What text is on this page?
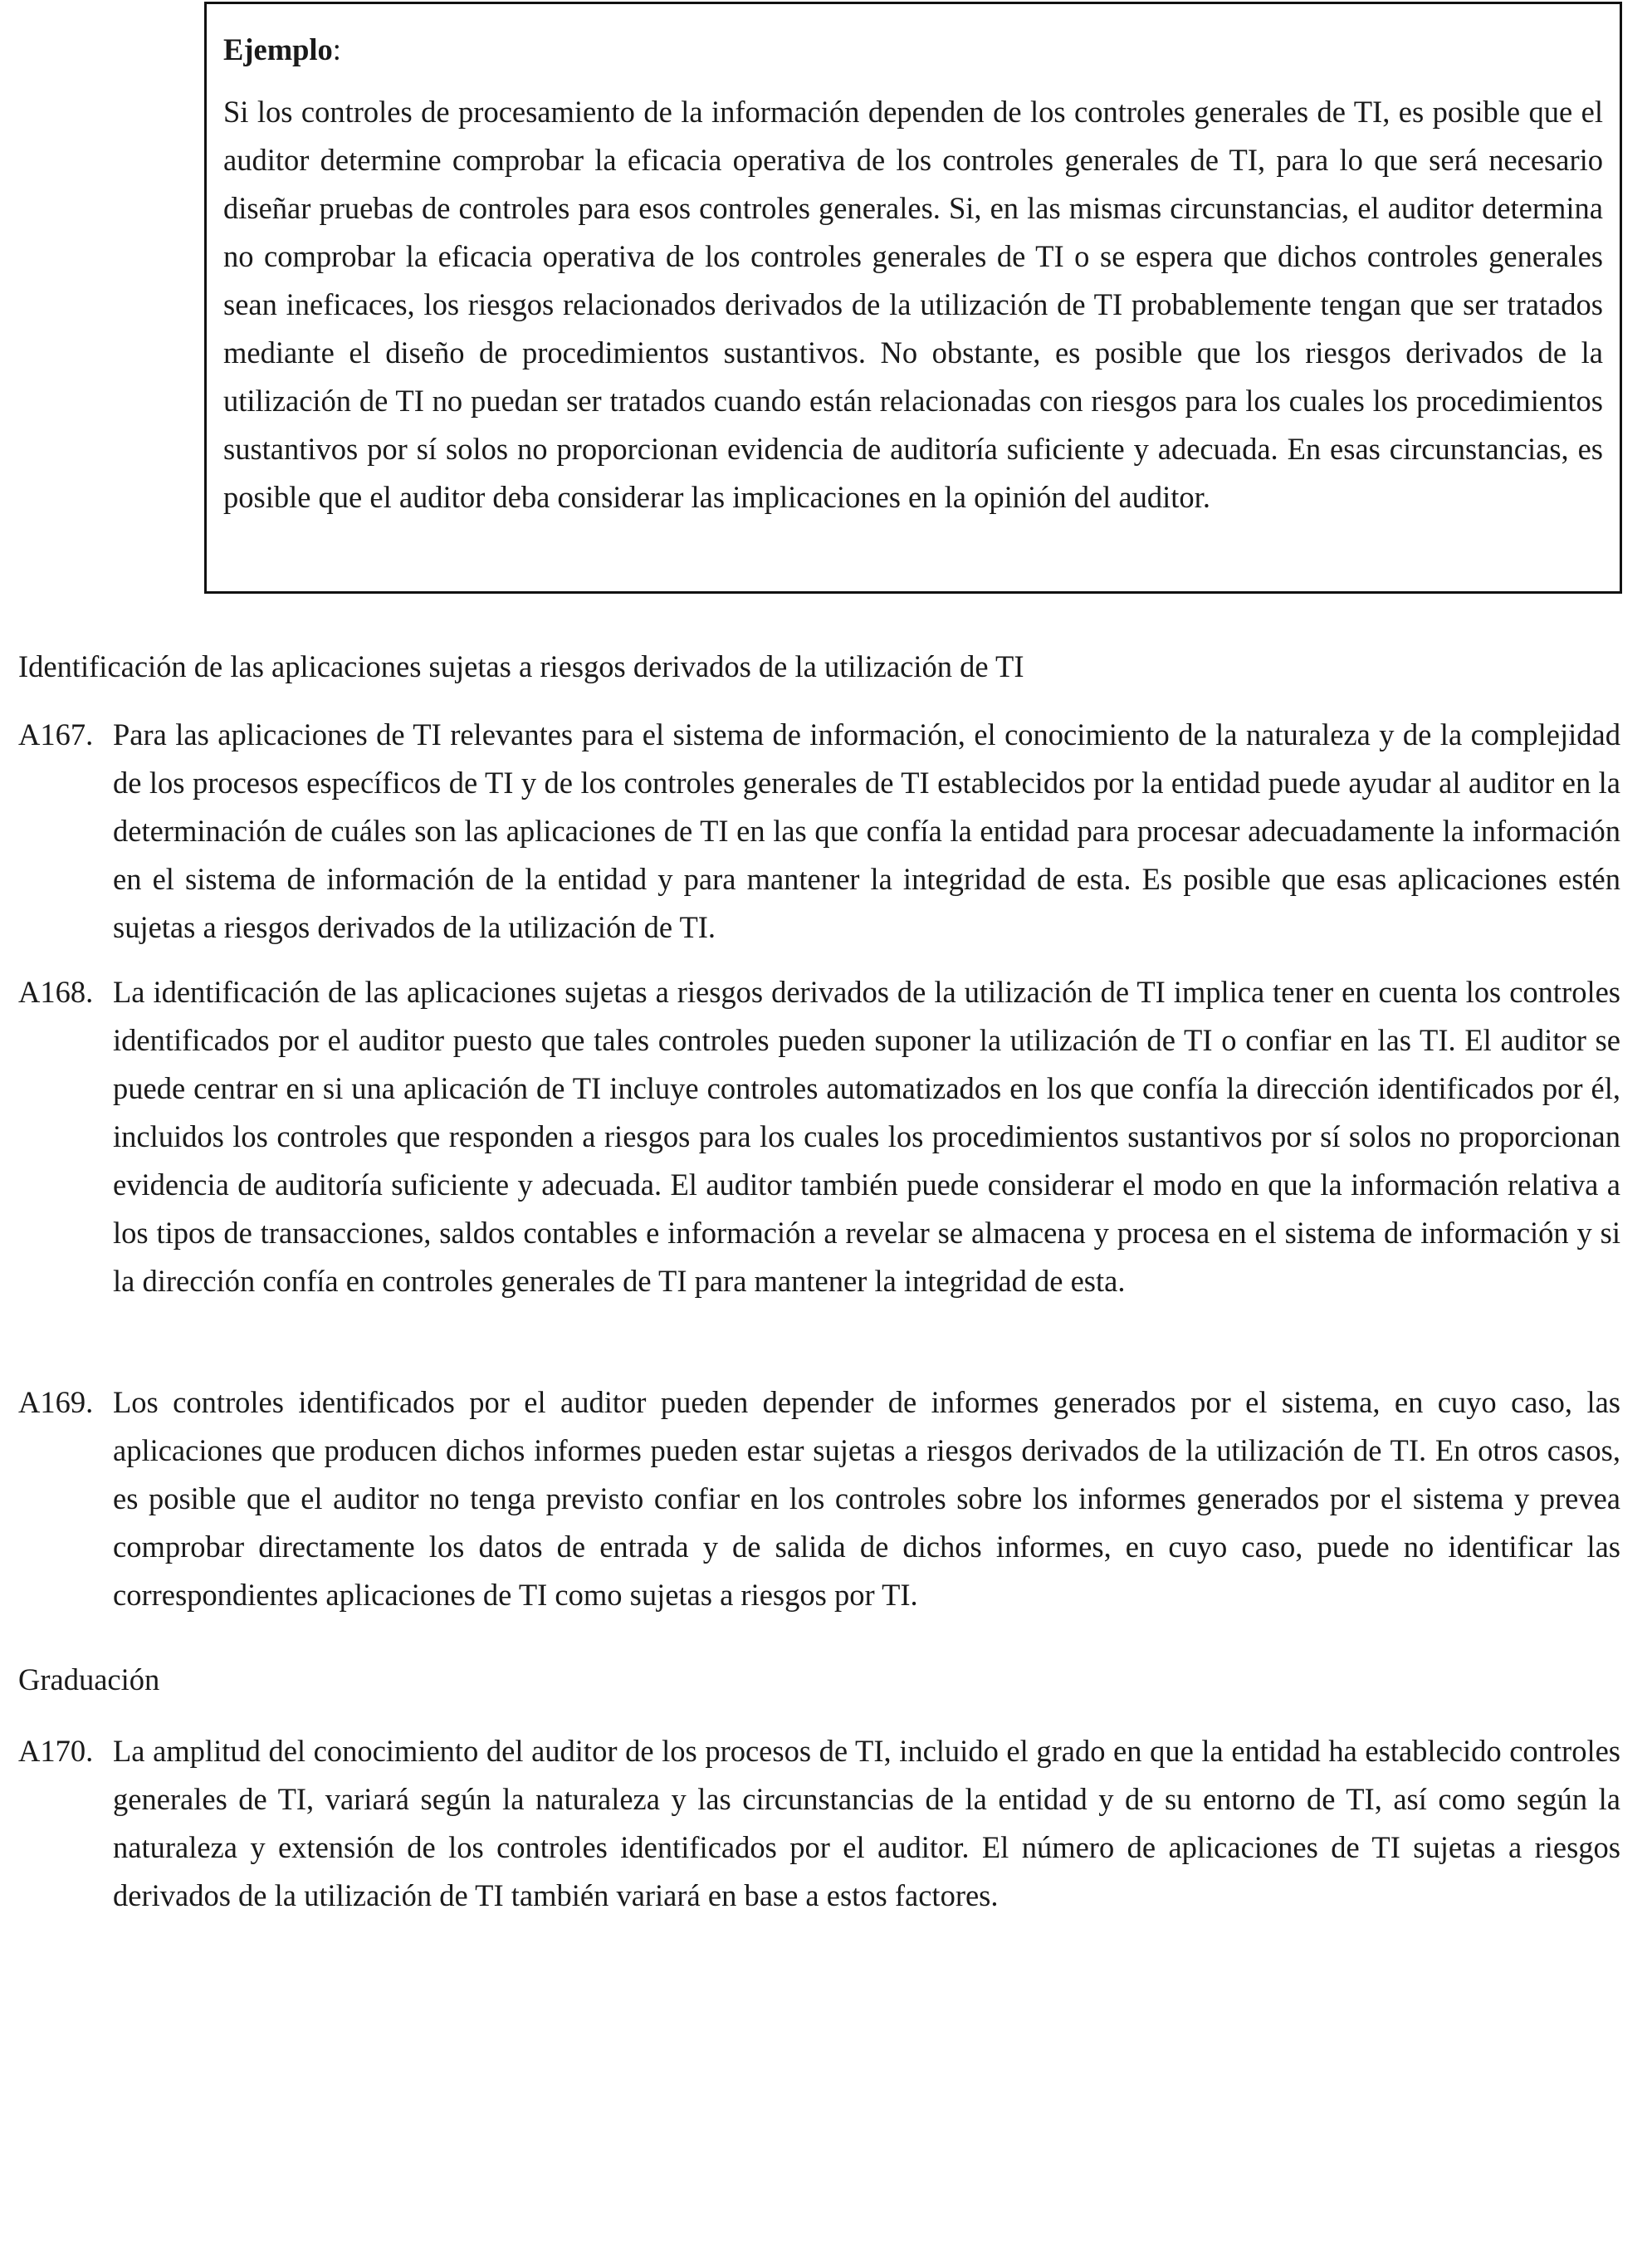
Ejemplo:

Si los controles de procesamiento de la información dependen de los controles generales de TI, es posible que el auditor determine comprobar la eficacia operativa de los controles generales de TI, para lo que será necesario diseñar pruebas de controles para esos controles generales. Si, en las mismas circunstancias, el auditor determina no comprobar la eficacia operativa de los controles generales de TI o se espera que dichos controles generales sean ineficaces, los riesgos relacionados derivados de la utilización de TI probablemente tengan que ser tratados mediante el diseño de procedimientos sustantivos. No obstante, es posible que los riesgos derivados de la utilización de TI no puedan ser tratados cuando están relacionadas con riesgos para los cuales los procedimientos sustantivos por sí solos no proporcionan evidencia de auditoría suficiente y adecuada. En esas circunstancias, es posible que el auditor deba considerar las implicaciones en la opinión del auditor.

Identificación de las aplicaciones sujetas a riesgos derivados de la utilización de TI

A167. Para las aplicaciones de TI relevantes para el sistema de información, el conocimiento de la naturaleza y de la complejidad de los procesos específicos de TI y de los controles generales de TI establecidos por la entidad puede ayudar al auditor en la determinación de cuáles son las aplicaciones de TI en las que confía la entidad para procesar adecuadamente la información en el sistema de información de la entidad y para mantener la integridad de esta. Es posible que esas aplicaciones estén sujetas a riesgos derivados de la utilización de TI.

A168. La identificación de las aplicaciones sujetas a riesgos derivados de la utilización de TI implica tener en cuenta los controles identificados por el auditor puesto que tales controles pueden suponer la utilización de TI o confiar en las TI. El auditor se puede centrar en si una aplicación de TI incluye controles automatizados en los que confía la dirección identificados por él, incluidos los controles que responden a riesgos para los cuales los procedimientos sustantivos por sí solos no proporcionan evidencia de auditoría suficiente y adecuada. El auditor también puede considerar el modo en que la información relativa a los tipos de transacciones, saldos contables e información a revelar se almacena y procesa en el sistema de información y si la dirección confía en controles generales de TI para mantener la integridad de esta.

A169. Los controles identificados por el auditor pueden depender de informes generados por el sistema, en cuyo caso, las aplicaciones que producen dichos informes pueden estar sujetas a riesgos derivados de la utilización de TI. En otros casos, es posible que el auditor no tenga previsto confiar en los controles sobre los informes generados por el sistema y prevea comprobar directamente los datos de entrada y de salida de dichos informes, en cuyo caso, puede no identificar las correspondientes aplicaciones de TI como sujetas a riesgos por TI.

Graduación

A170. La amplitud del conocimiento del auditor de los procesos de TI, incluido el grado en que la entidad ha establecido controles generales de TI, variará según la naturaleza y las circunstancias de la entidad y de su entorno de TI, así como según la naturaleza y extensión de los controles identificados por el auditor. El número de aplicaciones de TI sujetas a riesgos derivados de la utilización de TI también variará en base a estos factores.
